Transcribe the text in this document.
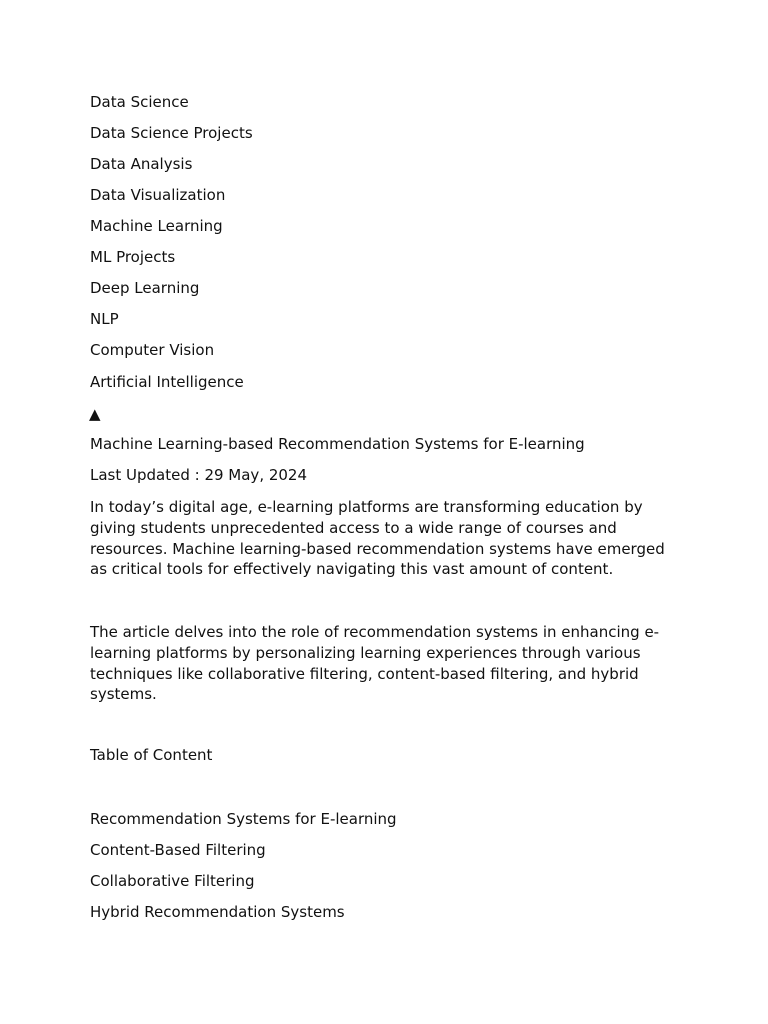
Data Science
Data Science Projects
Data Analysis
Data Visualization
Machine Learning
ML Projects
Deep Learning
NLP
Computer Vision
Artificial Intelligence
▲
Machine Learning-based Recommendation Systems for E-learning
Last Updated : 29 May, 2024

In today’s digital age, e-learning platforms are transforming education by giving students unprecedented access to a wide range of courses and resources. Machine learning-based recommendation systems have emerged as critical tools for effectively navigating this vast amount of content.

The article delves into the role of recommendation systems in enhancing e-learning platforms by personalizing learning experiences through various techniques like collaborative filtering, content-based filtering, and hybrid systems.

Table of Content
Recommendation Systems for E-learning
Content-Based Filtering
Collaborative Filtering
Hybrid Recommendation Systems
